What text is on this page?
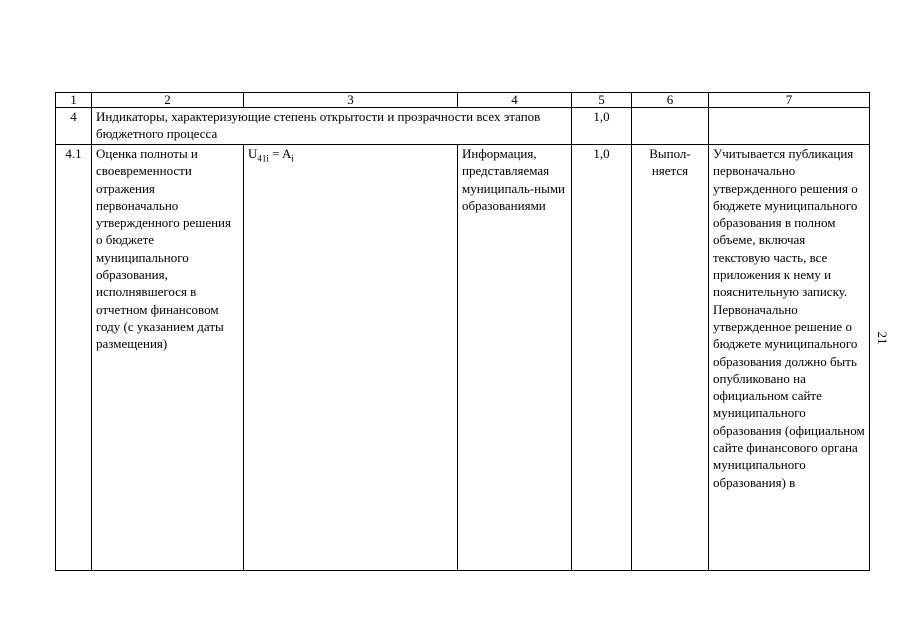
1	2	3	4	5	6	7
4	Индикаторы, характеризующие степень открытости и прозрачности всех этапов бюджетного процесса			1,0		
4.1	Оценка полноты и своевременности отражения первоначально утвержденного решения о бюджете муниципального образования, исполнявшегося в отчетном финансовом году (с указанием даты размещения)	$U_{41i} = A_i$	Информация, представляемая муниципаль-ными образованиями	1,0	Выпол-няется	Учитывается публикация первоначально утвержденного решения о бюджете муниципального образования в полном объеме, включая текстовую часть, все приложения к нему и пояснительную записку. Первоначально утвержденное решение о бюджете муниципального образования должно быть опубликовано на официальном сайте муниципального образования (официальном сайте финансового органа муниципального образования) в
21
